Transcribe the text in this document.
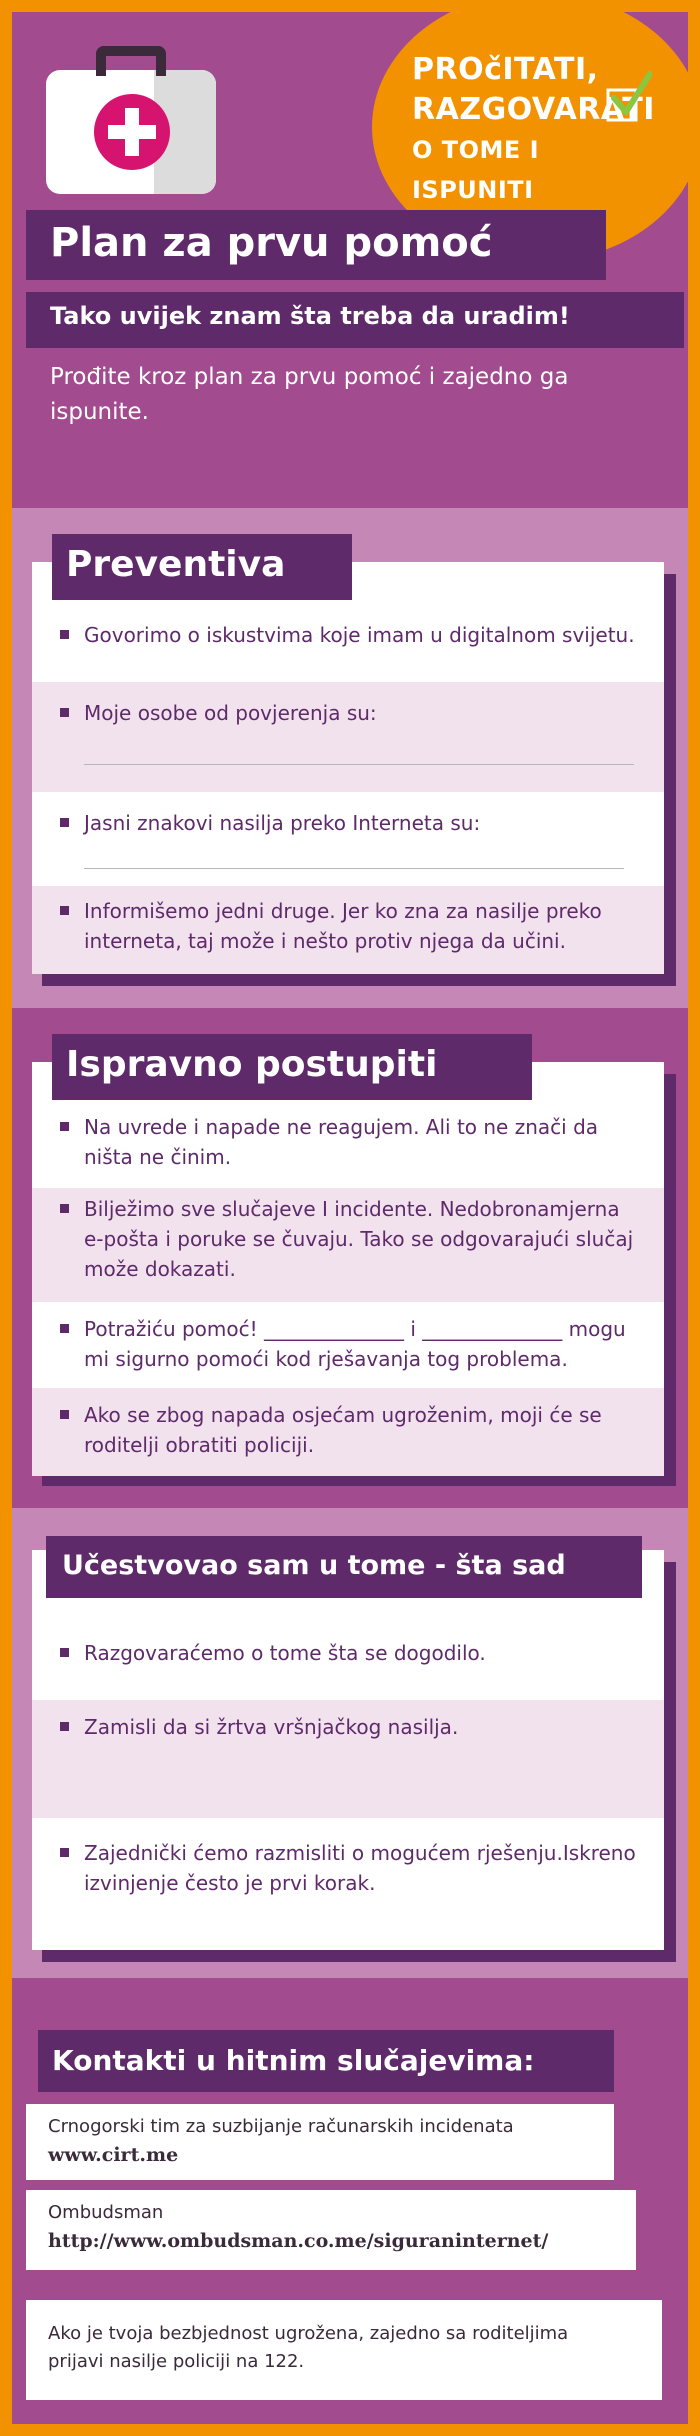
PROčITATI,
RAZGOVARATI
O TOME I ISPUNITI
Plan za prvu pomoć
Tako uvijek znam šta treba da uradim!
Prođite kroz plan za prvu pomoć i zajedno ga ispunite.
Govorimo o iskustvima koje imam u digitalnom svijetu.
Moje osobe od povjerenja su:
Jasni znakovi nasilja preko Interneta su:
Informišemo jedni druge. Jer ko zna za nasilje preko interneta, taj može i nešto protiv njega da učini.
Preventiva
Na uvrede i napade ne reagujem. Ali to ne znači da ništa ne činim.
Bilježimo sve slučajeve I incidente. Nedobronamjerna e-pošta i poruke se čuvaju. Tako se odgovarajući slučaj može dokazati.
Potražiću pomoć! ______________ i ______________ mogu mi sigurno pomoći kod rješavanja tog problema.
Ako se zbog napada osjećam ugroženim, moji će se roditelji obratiti policiji.
Ispravno postupiti
Razgovaraćemo o tome šta se dogodilo.
Zamisli da si žrtva vršnjačkog nasilja.
Zajednički ćemo razmisliti o mogućem rješenju.Iskreno izvinjenje često je prvi korak.
Učestvovao sam u tome - šta sad
Kontakti u hitnim slučajevima:
Crnogorski tim za suzbijanje računarskih incidenata
www.cirt.me
Ombudsman
http://www.ombudsman.co.me/siguraninternet/
Ako je tvoja bezbjednost ugrožena, zajedno sa roditeljima prijavi nasilje policiji na 122.
